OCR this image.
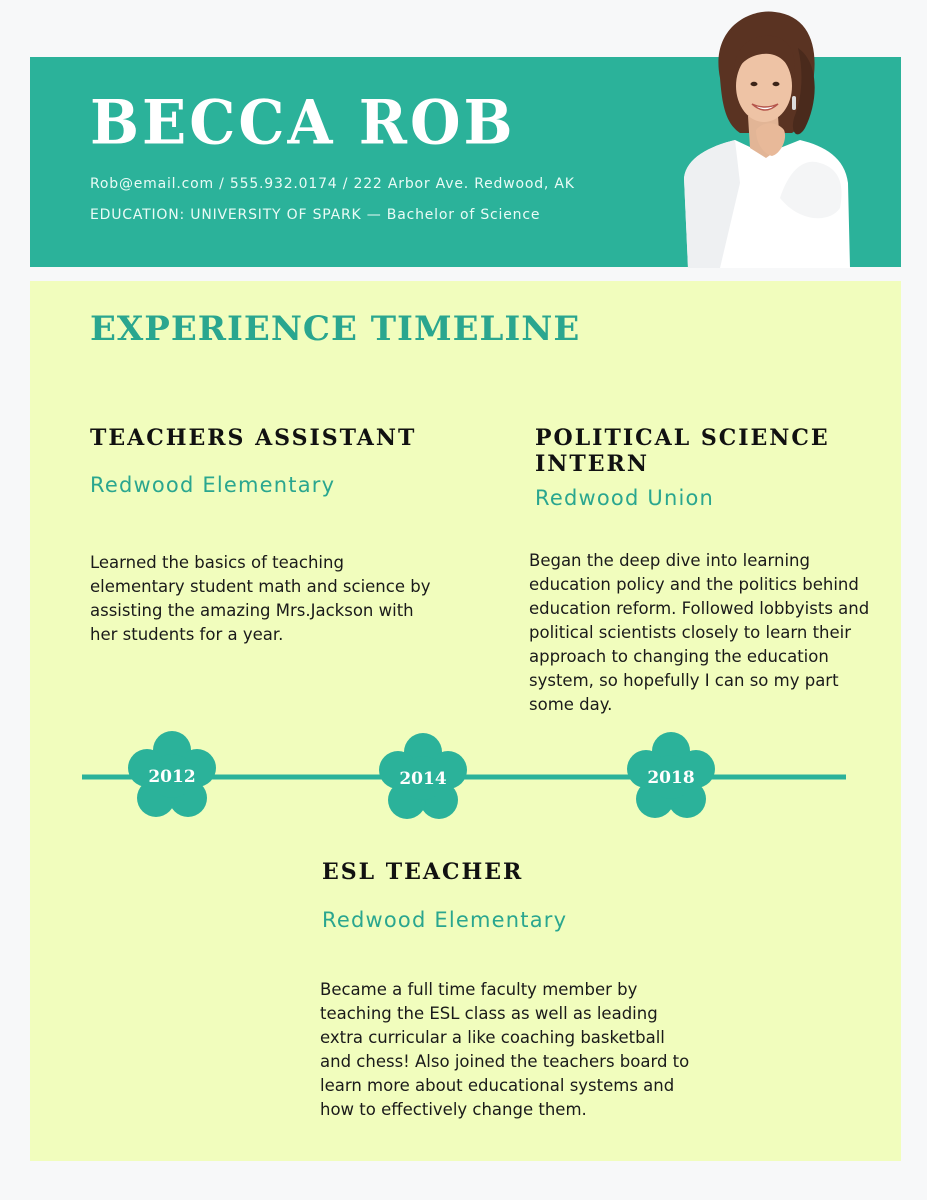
BECCA ROB
Rob@email.com / 555.932.0174 / 222 Arbor Ave. Redwood, AK
EDUCATION: UNIVERSITY OF SPARK — Bachelor of Science
EXPERIENCE TIMELINE
TEACHERS ASSISTANT

Redwood Elementary

Learned the basics of teaching elementary student math and science by assisting the amazing Mrs.Jackson with her students for a year.

POLITICAL SCIENCE INTERN

Redwood Union

Began the deep dive into learning education policy and the politics behind education reform. Followed lobbyists and political scientists closely to learn their approach to changing the education system, so hopefully I can so my part some day.

2012	2014	2018
ESL TEACHER

Redwood Elementary

Became a full time faculty member by teaching the ESL class as well as leading extra curricular a like coaching basketball and chess! Also joined the teachers board to learn more about educational systems and how to effectively change them.
